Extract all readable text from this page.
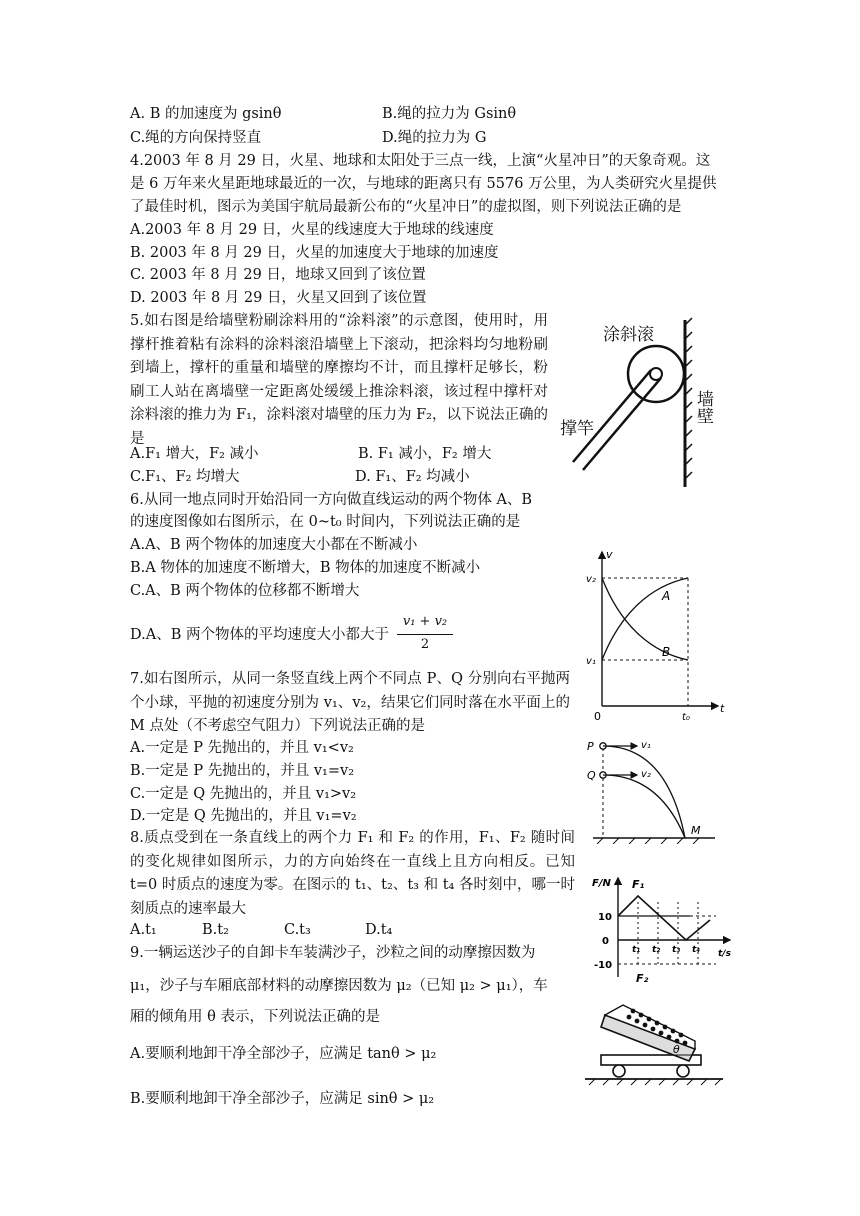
A. B 的加速度为 gsinθ	B.绳的拉力为 Gsinθ
C.绳的方向保持竖直	D.绳的拉力为 G
4.2003 年 8 月 29 日，火星、地球和太阳处于三点一线，上演“火星冲日”的天象奇观。这
是 6 万年来火星距地球最近的一次，与地球的距离只有 5576 万公里，为人类研究火星提供
了最佳时机，图示为美国宇航局最新公布的“火星冲日”的虚拟图，则下列说法正确的是
A.2003 年 8 月 29 日，火星的线速度大于地球的线速度
B. 2003 年 8 月 29 日，火星的加速度大于地球的加速度
C. 2003 年 8 月 29 日，地球又回到了该位置
D. 2003 年 8 月 29 日，火星又回到了该位置
5.如右图是给墙壁粉刷涂料用的“涂料滚”的示意图，使用时，用撑杆推着粘有涂料的涂料滚沿墙壁上下滚动，把涂料均匀地粉刷到墙上，撑杆的重量和墙壁的摩擦均不计，而且撑杆足够长，粉刷工人站在离墙壁一定距离处缓缓上推涂料滚，该过程中撑杆对涂料滚的推力为 F₁，涂料滚对墙壁的压力为 F₂，以下说法正确的是
A.F₁ 增大，F₂ 减小	B. F₁ 减小，F₂ 增大
C.F₁、F₂ 均增大	D. F₁、F₂ 均减小
涂斜滚
撑竿
墙壁
6.从同一地点同时开始沿同一方向做直线运动的两个物体 A、B
的速度图像如右图所示，在 0~t₀ 时间内，下列说法正确的是
A.A、B 两个物体的加速度大小都在不断减小
B.A 物体的加速度不断增大，B 物体的加速度不断减小
C.A、B 两个物体的位移都不断增大
D.A、B 两个物体的平均速度大小都大于
v₁ + v₂
2
v
v₂
v₁
A
B
0	t₀
t
7.如右图所示，从同一条竖直线上两个不同点 P、Q 分别向右平抛两个小球，平抛的初速度分别为 v₁、v₂，结果它们同时落在水平面上的 M 点处（不考虑空气阻力）下列说法正确的是
A.一定是 P 先抛出的，并且 v₁<v₂
B.一定是 P 先抛出的，并且 v₁=v₂
C.一定是 Q 先抛出的，并且 v₁>v₂
D.一定是 Q 先抛出的，并且 v₁=v₂
P
Q
v₁
v₂
M
8.质点受到在一条直线上的两个力 F₁ 和 F₂ 的作用，F₁、F₂ 随时间的变化规律如图所示，力的方向始终在一直线上且方向相反。已知 t=0 时质点的速度为零。在图示的 t₁、t₂、t₃ 和 t₄ 各时刻中，哪一时刻质点的速率最大
A.t₁	B.t₂	C.t₃	D.t₄
F/N F₁
10
0
-10
t₁ t₂ t₃ t₄ t/s
F₂
9.一辆运送沙子的自卸卡车装满沙子，沙粒之间的动摩擦因数为
μ₁，沙子与车厢底部材料的动摩擦因数为 μ₂（已知 μ₂ > μ₁），车
厢的倾角用 θ 表示，下列说法正确的是
A.要顺利地卸干净全部沙子，应满足 tanθ > μ₂
B.要顺利地卸干净全部沙子，应满足 sinθ > μ₂
θ
